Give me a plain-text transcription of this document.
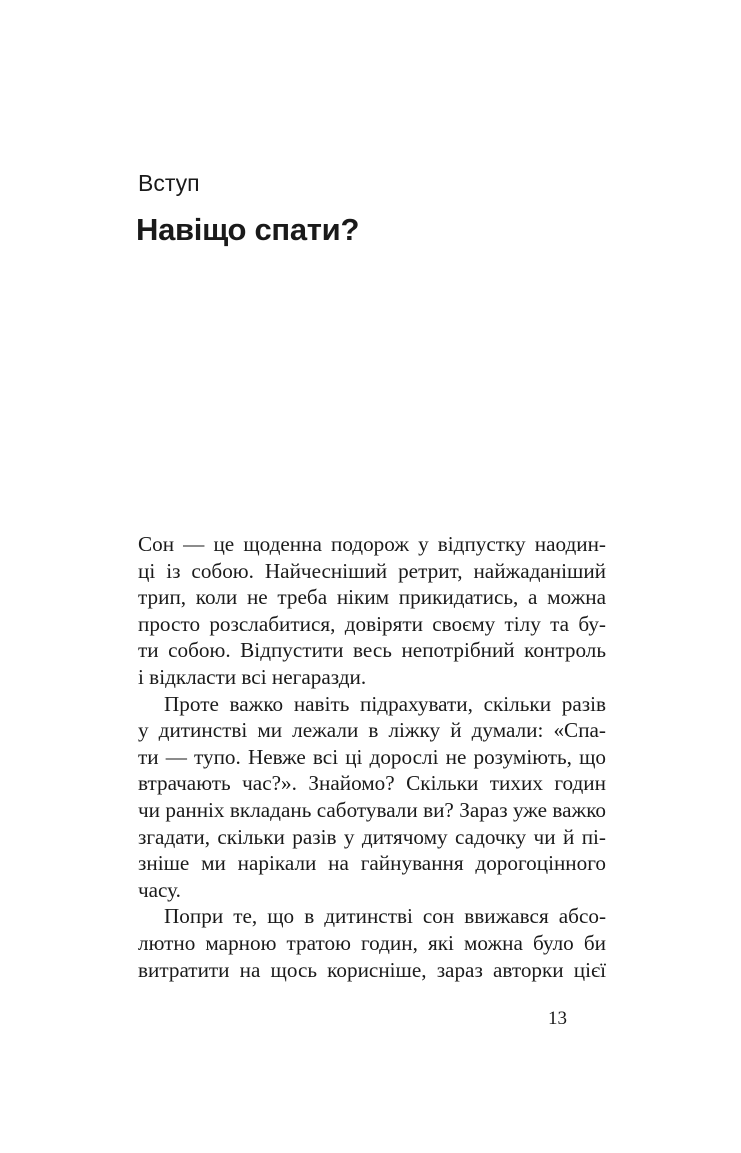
Вступ

Навіщо спати?
Сон — це щоденна подорож у відпустку наодин-
ці із собою. Найчесніший ретрит, найжаданіший
трип, коли не треба ніким прикидатись, а можна
просто розслабитися, довіряти своєму тілу та бу-
ти собою. Відпустити весь непотрібний контроль
і відкласти всі негаразди.
Проте важко навіть підрахувати, скільки разів
у дитинстві ми лежали в ліжку й думали: «Спа-
ти — тупо. Невже всі ці дорослі не розуміють, що
втрачають час?». Знайомо? Скільки тихих годин
чи ранніх вкладань саботували ви? Зараз уже важко
згадати, скільки разів у дитячому садочку чи й пі-
зніше ми нарікали на гайнування дорогоцінного
часу.
Попри те, що в дитинстві сон ввижався абсо-
лютно марною тратою годин, які можна було би
витратити на щось корисніше, зараз авторки цієї

13
